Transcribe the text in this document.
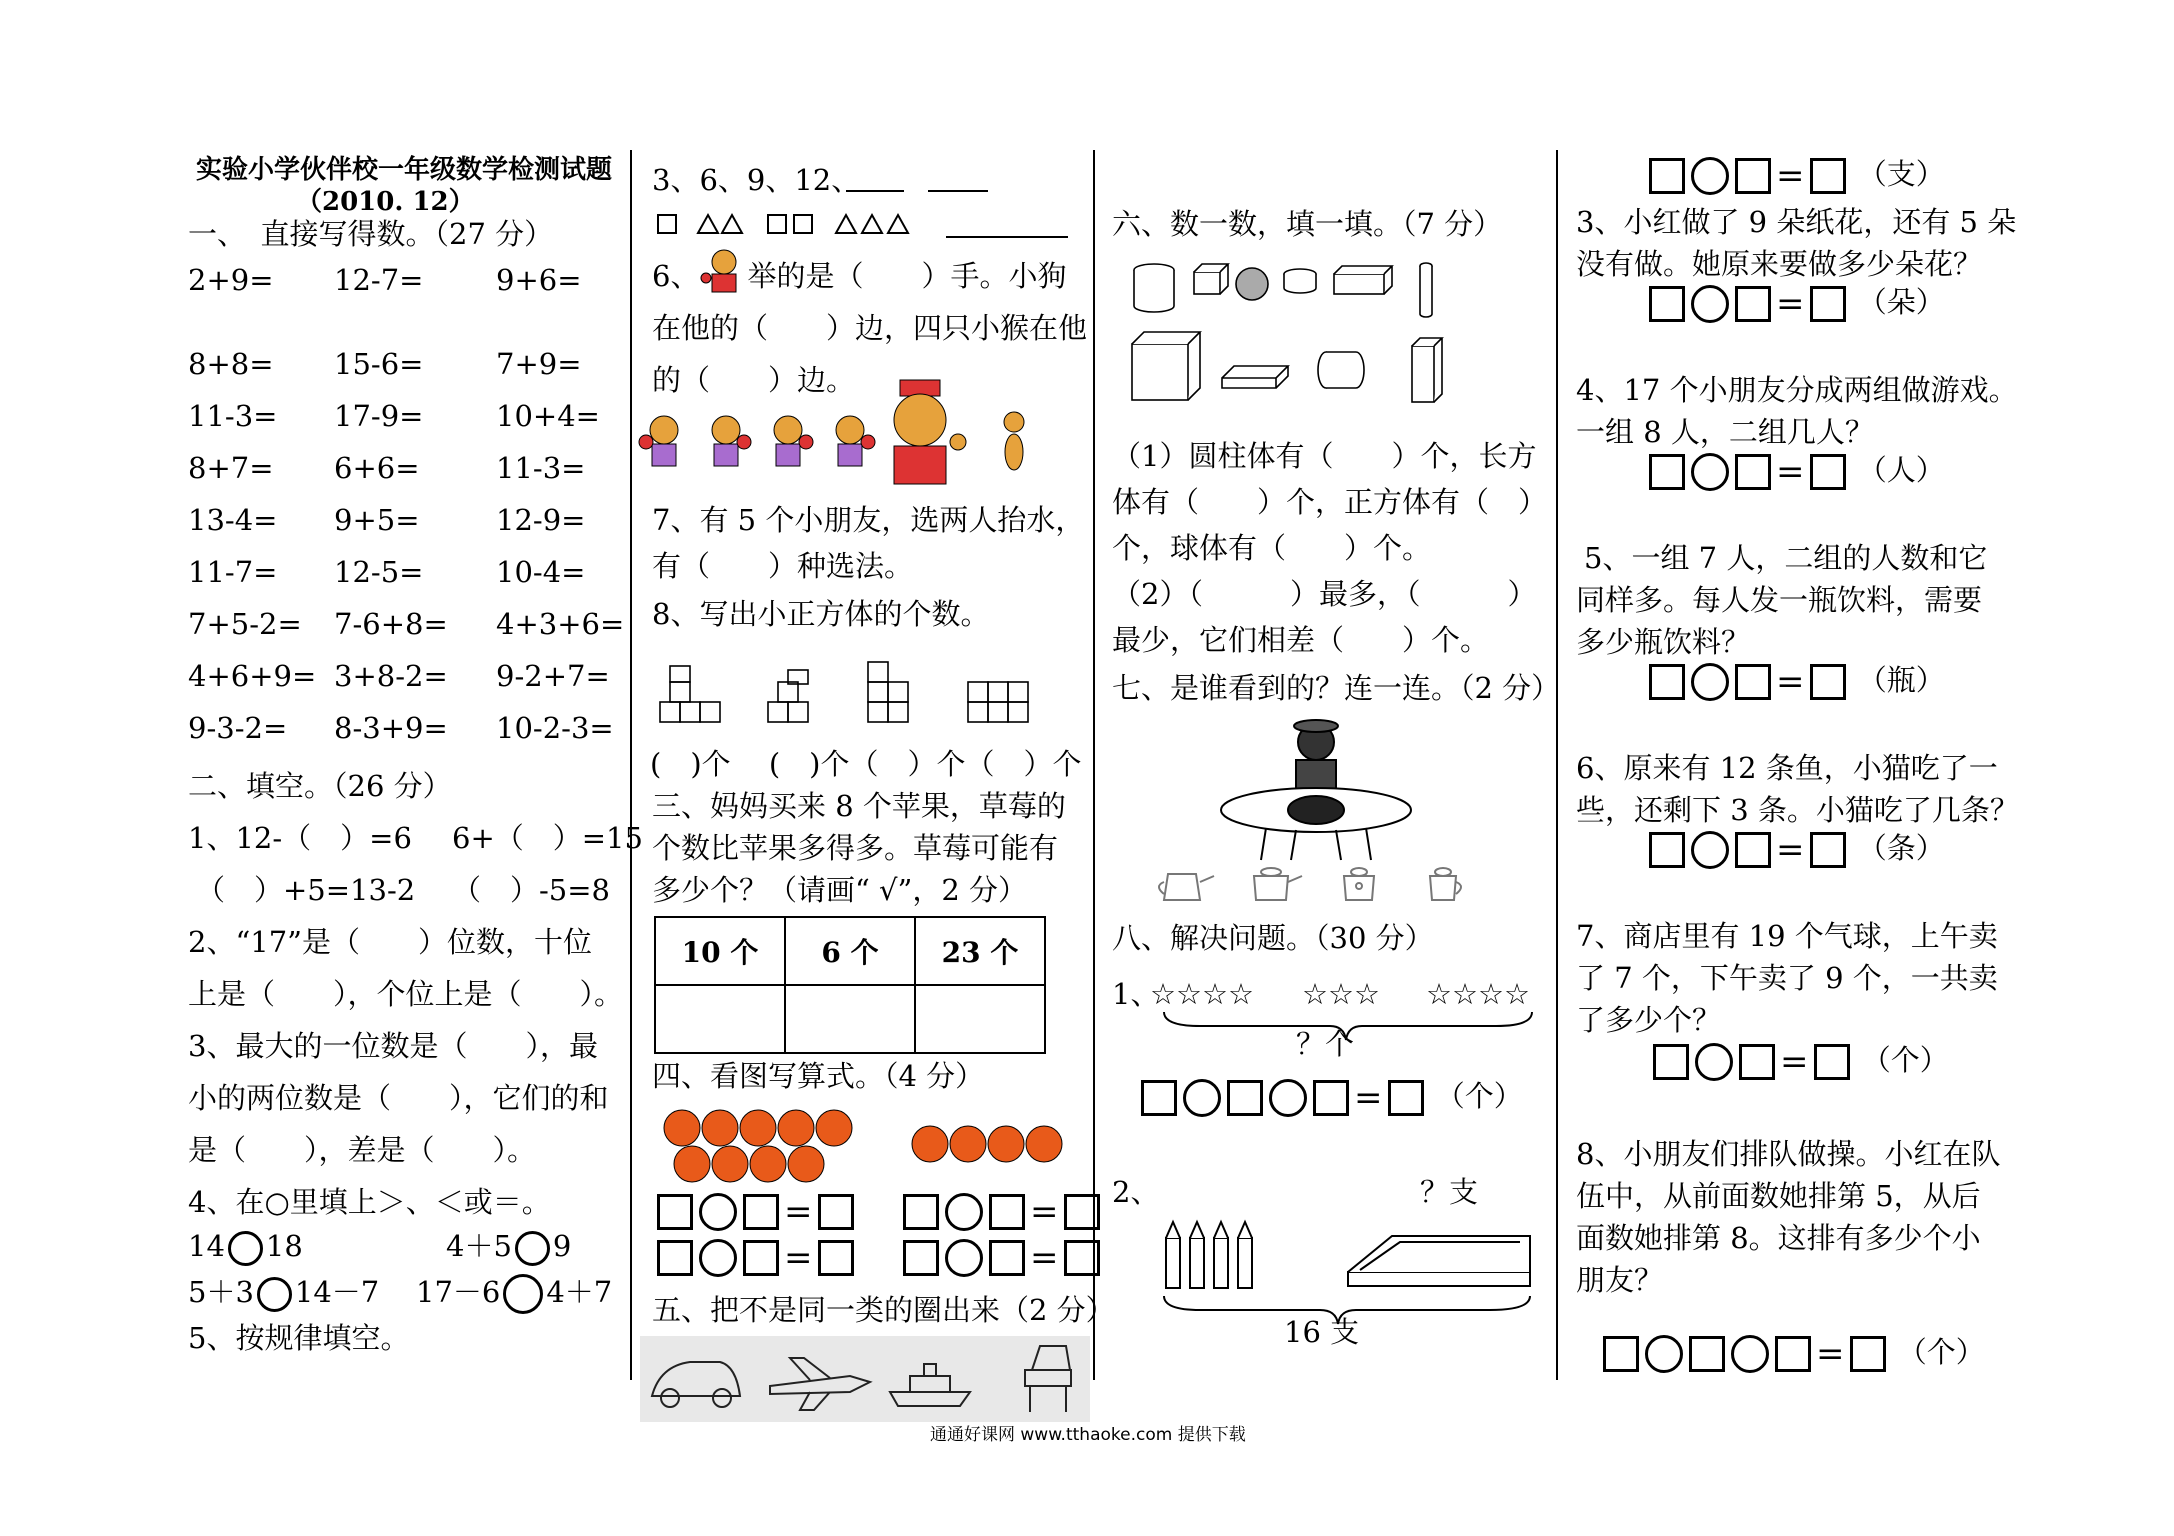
实验小学伙伴校一年级数学检测试题
（2010. 12）
一、　直接写得数。（27 分）
2+9= 12-7=	9+6=
8+8= 15-6=	7+9=
11-3= 17-9=	10+4=
8+7= 6+6=	11-3=
13-4= 9+5=	12-9=
11-7= 12-5=	10-4=
7+5-2= 7-6+8= 4+3+6=
4+6+9= 3+8-2= 9-2+7=
9-3-2= 8-3+9= 10-2-3=
二、填空。（26 分）
1、12-（　）=6 6+（　）=15
（　）+5=13-2 （　）-5=8
2、“17”是（　　）位数，十位
上是（　　），个位上是（　　）。
3、最大的一位数是（　　），最
小的两位数是（　　），它们的和
是（　　），差是（　　）。
4、在○里填上＞、＜或＝。
14 18	4＋5 9
5＋3 14－7 17－6 4＋7
5、按规律填空。
3、6、9、12、
6、 举的是（　　）手。小狗
在他的（　　）边，四只小猴在他
的（　　）边。
7、有 5 个小朋友，选两人抬水，
有（　　）种选法。
8、写出小正方体的个数。
(　)个　 (　)个（　）个（　）个
三、妈妈买来 8 个苹果，草莓的
个数比苹果多得多。草莓可能有
多少个？（请画“ √”，2 分）
10 个	6 个	23 个

四、看图写算式。（4 分）
=	=
=	=
五、把不是同一类的圈出来（2 分）
六、数一数，填一填。（7 分）
（1）圆柱体有（　　）个，长方
体有（　　）个，正方体有（　）
个，球体有（　　）个。
（2）（　　　）最多，（　　　）
最少，它们相差（　　）个。
七、是谁看到的？连一连。（2 分）
八、解决问题。（30 分）
1、
☆☆☆☆ ☆☆☆ ☆☆☆☆
？个
= （个）
2、	？支
16 支
= （支）
3、小红做了 9 朵纸花，还有 5 朵
没有做。她原来要做多少朵花？
= （朵）
4、17 个小朋友分成两组做游戏。
一组 8 人，二组几人？
= （人）
5、一组 7 人，二组的人数和它
同样多。每人发一瓶饮料，需要
多少瓶饮料？
= （瓶）
6、原来有 12 条鱼，小猫吃了一
些，还剩下 3 条。小猫吃了几条？
= （条）
7、商店里有 19 个气球，上午卖
了 7 个，下午卖了 9 个，一共卖
了多少个？
= （个）
8、小朋友们排队做操。小红在队
伍中，从前面数她排第 5，从后
面数她排第 8。这排有多少个小
朋友？
= （个）
通通好课网 www.tthaoke.com 提供下载
